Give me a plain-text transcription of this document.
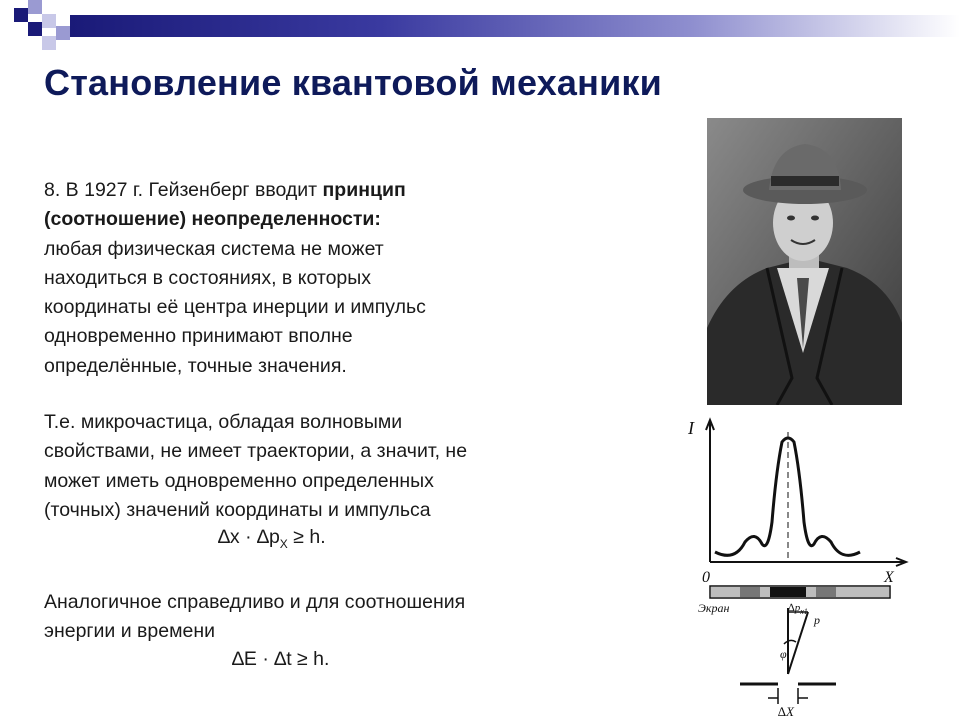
Становление квантовой механики
8. В 1927 г. Гейзенберг вводит принцип
(соотношение) неопределенности:
любая физическая система не может
находиться в состояниях, в которых
координаты её центра инерции и импульс
одновременно принимают вполне
определённые, точные значения.
Т.е. микрочастица, обладая волновыми
свойствами, не имеет траектории, а значит, не
может иметь одновременно определенных
(точных) значений координаты и импульса
$\Delta x \cdot \Delta p_X \ge h$.
Аналогичное справедливо и для соотношения
энергии и времени
∆E · ∆t ≥ h.
I
0	X
Экран	$\Delta p_{x1}$
p
φ
∆X
